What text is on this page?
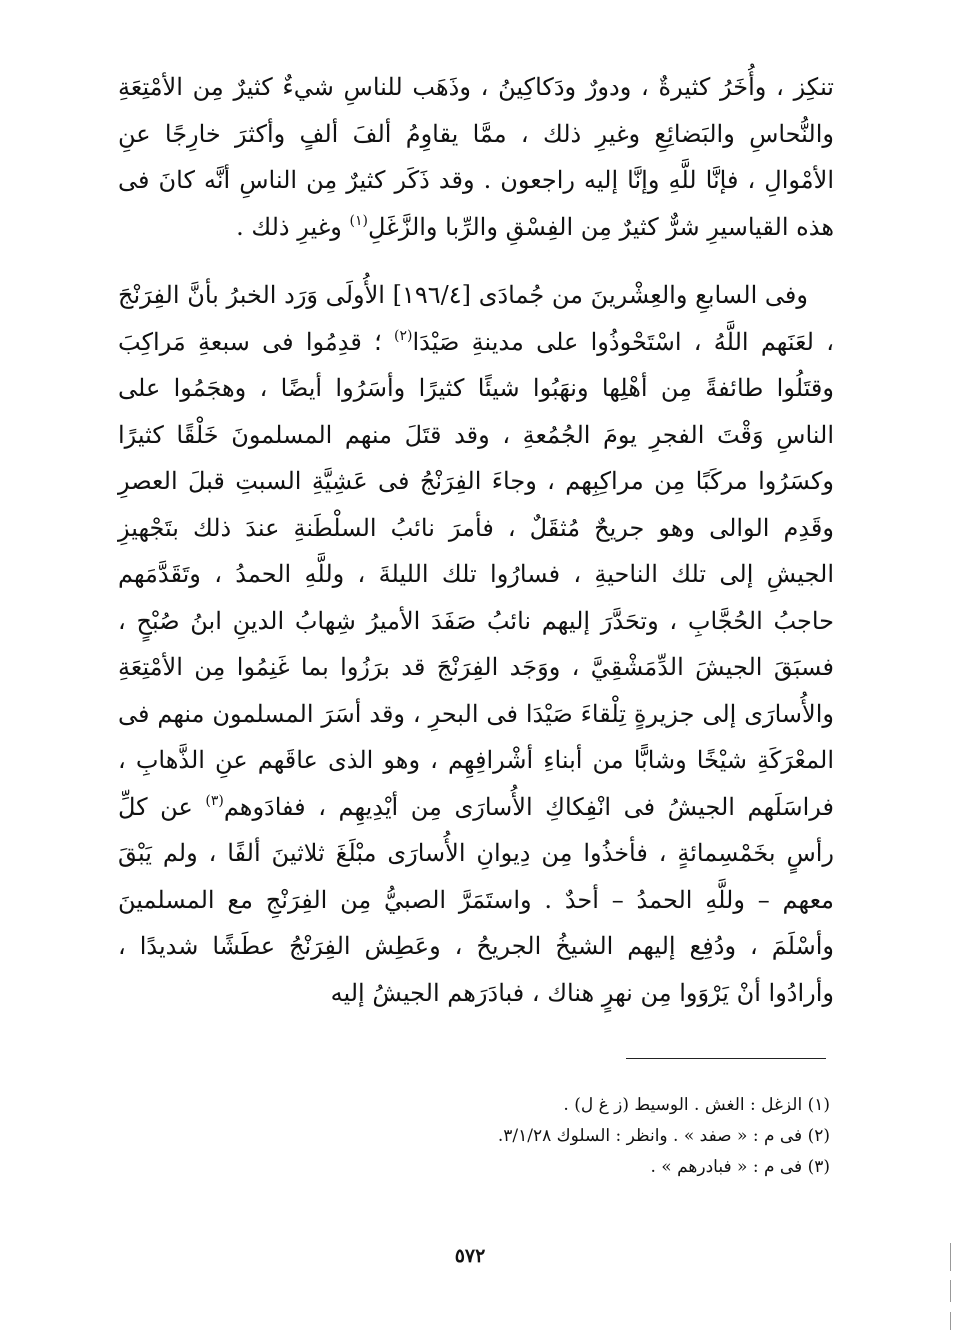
تنكِز ، وأُخَرُ كثيرةٌ ، ودورٌ ودَكاكِينُ ، وذَهَب للناسِ شيءٌ كثيرٌ مِن الأمْتِعَةِ والنُّحاسِ والبَضائِعِ وغيرِ ذلك ، ممَّا يقاوِمُ ألفَ ألفٍ وأكثرَ خارِجًا عنِ الأمْوالِ ، فإنَّا للَّهِ وإنَّا إليه راجعون . وقد ذَكَر كثيرٌ مِن الناسِ أنَّه كانَ فى هذه القياسيرِ شرٌّ كثيرٌ مِن الفِسْقِ والرِّبا والزَّغَلِ$^{(١)}$ وغيرِ ذلك .

وفى السابعِ والعِشْرينَ من جُمادَى [١٩٦/٤] الأُولَى وَرَد الخبرُ بأنَّ الفِرَنْجَ ، لعَنَهم اللَّهُ ، اسْتَحْوذُوا على مدينةِ صَيْدَا$^{(٢)}$ ؛ قدِمُوا فى سبعةِ مَراكِبَ وقتَلُوا طائفةً مِن أهْلِها ونهَبُوا شيئًا كثيرًا وأسَرُوا أيضًا ، وهجَمُوا على الناسِ وَقْتَ الفجرِ يومَ الجُمُعةِ ، وقد قتَلَ منهم المسلمونَ خَلْقًا كثيرًا وكسَرُوا مركَبًا مِن مراكِبِهم ، وجاءَ الفِرَنْجُ فى عَشِيَّةِ السبتِ قبلَ العصرِ وقَدِم الوالى وهو جريحٌ مُثقَلٌ ، فأمرَ نائبُ السلْطَنةِ عندَ ذلك بتَجْهيزِ الجيشِ إلى تلك الناحيةِ ، فسارُوا تلك الليلةَ ، وللَّهِ الحمدُ ، وتَقَدَّمَهم حاجبُ الحُجَّابِ ، وتحَدَّرَ إليهم نائبُ صَفَدَ الأميرُ شِهابُ الدينِ ابنُ صُبْحٍ ، فسبَقَ الجيشَ الدِّمَشْقِيَّ ، ووَجَد الفِرَنْجَ قد برَزُوا بما غَنِمُوا مِن الأمْتِعَةِ والأُسارَى إلى جزيرةٍ تِلْقاءَ صَيْدَا فى البحرِ ، وقد أسَرَ المسلمون منهم فى المعْرَكَةِ شيْخًا وشابًّا من أبناءِ أشْرافِهِم ، وهو الذى عاقَهم عنِ الذَّهابِ ، فراسَلَهم الجيشُ فى انْفِكاكِ الأُسارَى مِن أيْدِيهِم ، ففادَوهم$^{(٣)}$ عن كلِّ رأسٍ بخَمْسِمائةٍ ، فأخذُوا مِن دِيوانِ الأُسارَى مبْلَغَ ثلاثينَ ألفًا ، ولم يَبْقَ معهم – وللَّهِ الحمدُ – أحدٌ . واستَمَرَّ الصبيُّ مِن الفِرَنْجِ مع المسلمينَ وأسْلَمَ ، ودُفِع إليهم الشيخُ الجريحُ ، وعَطِش الفِرَنْجُ عطَشًا شديدًا ، وأرادُوا أنْ يَرْوَوا مِن نهرٍ هناك ، فبادَرَهم الجيشُ إليه

(١) الزغل : الغش . الوسيط (ز غ ل) .

(٢) فى م : « صفد » . وانظر : السلوك ٣/١/٢٨.

(٣) فى م : « فبادرهم » .

٥٧٢
